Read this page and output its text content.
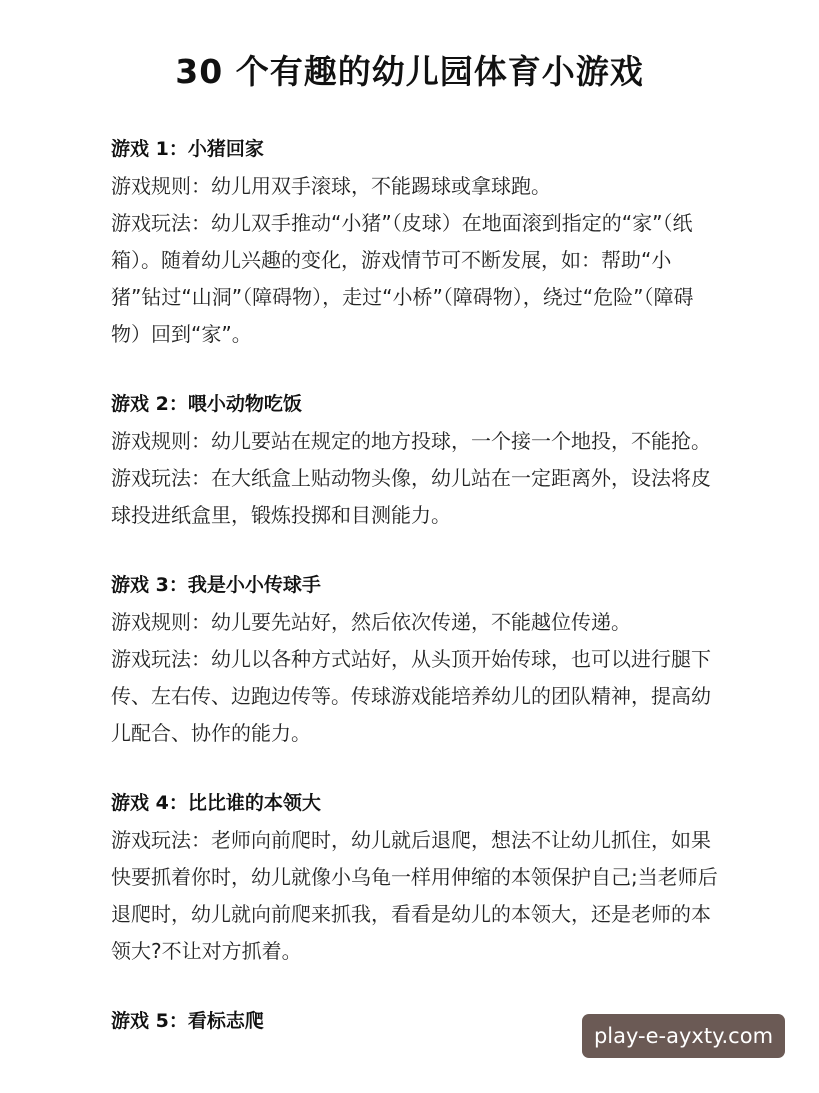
30 个有趣的幼儿园体育小游戏
游戏 1：小猪回家

游戏规则：幼儿用双手滚球，不能踢球或拿球跑。

游戏玩法：幼儿双手推动“小猪”（皮球）在地面滚到指定的“家”（纸箱）。随着幼儿兴趣的变化，游戏情节可不断发展，如：帮助“小猪”钻过“山洞”（障碍物），走过“小桥”（障碍物），绕过“危险”（障碍物）回到“家”。

游戏 2：喂小动物吃饭

游戏规则：幼儿要站在规定的地方投球，一个接一个地投，不能抢。

游戏玩法：在大纸盒上贴动物头像，幼儿站在一定距离外，设法将皮球投进纸盒里，锻炼投掷和目测能力。

游戏 3：我是小小传球手

游戏规则：幼儿要先站好，然后依次传递，不能越位传递。

游戏玩法：幼儿以各种方式站好，从头顶开始传球，也可以进行腿下传、左右传、边跑边传等。传球游戏能培养幼儿的团队精神，提高幼儿配合、协作的能力。

游戏 4：比比谁的本领大

游戏玩法：老师向前爬时，幼儿就后退爬，想法不让幼儿抓住，如果快要抓着你时，幼儿就像小乌龟一样用伸缩的本领保护自己;当老师后退爬时，幼儿就向前爬来抓我，看看是幼儿的本领大，还是老师的本领大?不让对方抓着。

游戏 5：看标志爬
play-e-ayxty.com
